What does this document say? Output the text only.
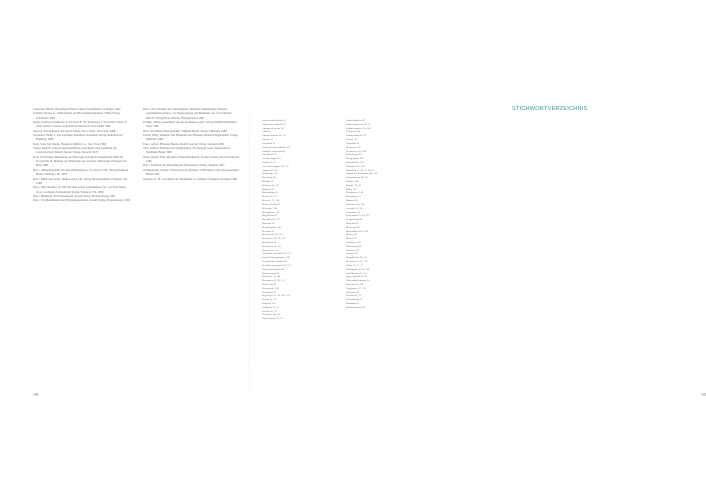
Schweizer Hirsch, Die heilige Pflanz, Lumos Taschenbuch, Göttingen 1992

Schmidt, Werner G., Heilpflanzen und Hexenkräuterglauben, VMA-Verlag, Wiesbaden 1994

Singh, Udaiveer/Wadhwani A. M./Johri B. M., Dictionary of Economic Plants of India, Indian Council of Agricultural Research, New Delhi 1996

Spencer, Edwin Rollin, All About Weeds, Dover Publ., New York 1968

Storrisurd, Philip J., Die Apotheke Mandrina, Rosenthal Verlag, Reinbeck bei Hamburg 1988

Stein, Stan, My Weeds, Houghton Mifflin Co., New York 1988

Steiner Rudolf, Geisteswissenschaftliche Grundlagen zum Gedeihen der Landwirtschaft, Rudolf Steiner Verlag, Dornach 1975

Stoll, Wolf-Dieter, Bedeutung und Ökologie biologisch-dynamischer Hilfe im Ecosystem, in: Beiträge zur Ethnologie der Schweiz, Ethnologica Helvetica II, Bern 1980

Ders.: »Bienengeschäft mit dem Pflanzengeist«, in: Esotera 7/87, Verlag Hermann Bauer, Freiburg i. Br. 1987

Ders.: Nimir und Sechs, Dunkel und Licht, Verlag Hermann Bauer, Freiburg i. Br. 1988

Ders.: »Der Druide«, in: Wie die alten Götter zurückkehren, hg. von Wolf-Dieter Storl, Goldmann Taschenbuch Verlag, Freiburg i. Br. 1990

Ders.: Heimkehr der Kräuterhexen, Aurum Verlag, Braunschweig 1997

Ders.: Von Heilkräutern und Pflanzengottheiten, Aurum Verlag, Braunschweig 1993

Ders.: »Die Weisheit der Wurzelgeister: Elemente mehrjähriger Pflanzen zusammenbetrachten«, in: Naturordnung und Heilkunst, hg. von Christian Rätsch, Verlag Bruno Martin, Südergellersen 1995

Tierhen, Maria, Gesundheit aus der Apotheke Gottes, Verlag Wilhelm Ennsthaler, Steyr 1980

Ders.: An meiner Hausapotheke, Wilhelm Heyne Verlag, München 1988

Ulrich, Willy, Wilhelm, Die Heilkräfte der Pflanzen, Heinrich Hugendubel Verlag, München 1984

Unter, Alfred, Pflanzen-Hexen, Rudolf Geering Verlag, Dornach 1989

Weil, Andrew, Heilung und Selbstheilung, Psychologie heute Taschenbuch, Weinheim/Basel 1988

Weiss, Rudolf Fritz, Moderne Pflanzenheilkunde, Kosmos Verlag, Bad Wörishofen 1982

Ders.: Lehrbuch der Phytotherapie, Hippokrates Verlag, Stuttgart 1991

Zimmermann, Werner, Wörterbuch der Medizin, VEB Verlag Volk und Gesundheit, Berlin 1991

Zirnitzer, K. H., Geschichte der Heilkunde, A. Arbeiten, Frankfurt am Main 1986

188
STICHWORTVERZEICHNIS
189

Ackerschachtelhalm 32

Agrimonia eupatoria 92

Agropyron repens 147

Alant 20

Allium ursinum 14, 132

Alraune 11

Amaranth 52

Ambrosia artemisiifolia 175

Anthyllis vulneraria 64

Apfelbaum 29

Arctium lappa 102

Arnika 47, 63

Artemisia vulgaris 56, 157

Augentrost 128

Bachbunge 107

Bärenklau 84

Bärlapp 58

Bärlauch 14, 132

Baldrian 78

Barbarakraut 93

Beifuß 56, 157

Beinwell 71, 118

Bellis perennis 62

Berberitze 138

Besenginster 113

Bingelkraut 29

Bitterklee 40, 127

Blutwurz 59

Bockshornklee 140

Boretsch 23

Brennnessel 98, 121

Brombeere 28, 36, 134

Bruchkraut 43

Brunnenkresse 107

Buchweizen 78

Calendula officinalis 36, 110

Capsella bursa-pastoris 136

Centaurium erythraea 90

Chelidonium majus 103, 121

Cichorium intybus 68

Daucus carota 87

Echinacea 16, 141

Ehrenpreis 20, 38, 121

Eibisch 68, 85

Eichenrinde 124

Eisenkraut 97

Engelwurz 25, 36, 130, 133

Enzian 31, 54

Erdrauch 118

Faulbaum 13, 67

Fenchel 45, 72

Fieberklee 40, 127

Frauenmantel 73, 111

Gänseblümchen 62

Gänsefingerkraut 26, 70

Galium aparine 124, 140

Gelbwurz 104

Gundermann 34, 99

Günsel 135

Hagebutte 41

Hauswurz 127

Heckenrose 41, 146

Heidekraut 103

Herzgespann 139

Hirtentäschel 136

Holunder 105, 145

Huflattich 15, 39, 61, 66, 81

Hypericum perforatum 48, 123

Johanniskraut 48, 123

Kalmus 140

Kamille 30, 58

Klette 102

Königskerze 144

Kornblume 57

Kümmel 45

Labkraut 124, 140

Lavendel 51, 94

Leinkraut 115

Löwenzahn 19, 64, 125

Lungenkraut 96

Mädesüß 46

Malve 44, 68

Mariendistel 109, 149

Melisse 80

Mistel 127

Nachtkerze 65

Odermennig 92

Pestwurz 101

Quecke 147

Ringelblume 36, 110

Rosmarin 21, 91, 126

Salbei 18, 53, 77

Schafgarbe 24, 60, 104

Schöllkraut 103, 121

Spitzwegerich 55, 91

Tausendgüldenkraut 90

Thymian 50, 126

Vogelmiere 27, 114

Wegwarte 68

Wermut 42, 79

Wiesenknopf 75

Zinnkraut 32

Zitronenmelisse 80
